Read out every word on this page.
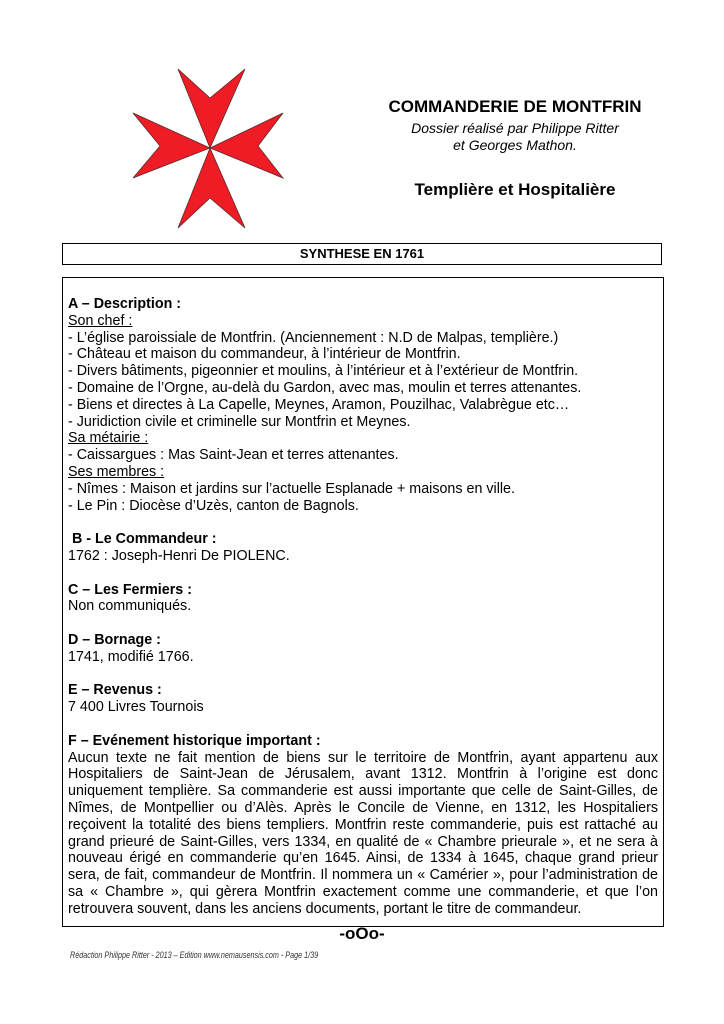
COMMANDERIE DE MONTFRIN
Dossier réalisé par Philippe Ritter
et Georges Mathon.
Templière et Hospitalière
SYNTHESE EN 1761
A – Description :
Son chef :
- L’église paroissiale de Montfrin. (Anciennement : N.D de Malpas, templière.)
- Château et maison du commandeur, à l’intérieur de Montfrin.
- Divers bâtiments, pigeonnier et moulins, à l’intérieur et à l’extérieur de Montfrin.
- Domaine de l’Orgne, au-delà du Gardon, avec mas, moulin et terres attenantes.
- Biens et directes à La Capelle, Meynes, Aramon, Pouzilhac, Valabrègue etc…
- Juridiction civile et criminelle sur Montfrin et Meynes.
Sa métairie :
- Caissargues : Mas Saint-Jean et terres attenantes.
Ses membres :
- Nîmes : Maison et jardins sur l’actuelle Esplanade + maisons en ville.
- Le Pin : Diocèse d’Uzès, canton de Bagnols.
B - Le Commandeur :
1762 : Joseph-Henri De PIOLENC.
C – Les Fermiers :
Non communiqués.
D – Bornage :
1741, modifié 1766.
E – Revenus :
7 400 Livres Tournois
F – Evénement historique important :
Aucun texte ne fait mention de biens sur le territoire de Montfrin, ayant appartenu aux Hospitaliers de Saint-Jean de Jérusalem, avant 1312. Montfrin à l’origine est donc uniquement templière. Sa commanderie est aussi importante que celle de Saint-Gilles, de Nîmes, de Montpellier ou d’Alès. Après le Concile de Vienne, en 1312, les Hospitaliers reçoivent la totalité des biens templiers. Montfrin reste commanderie, puis est rattaché au grand prieuré de Saint-Gilles, vers 1334, en qualité de « Chambre prieurale », et ne sera à nouveau érigé en commanderie qu’en 1645. Ainsi, de 1334 à 1645, chaque grand prieur sera, de fait, commandeur de Montfrin. Il nommera un « Camérier », pour l’administration de sa « Chambre », qui gèrera Montfrin exactement comme une commanderie, et que l’on retrouvera souvent, dans les anciens documents, portant le titre de commandeur.
-oOo-
Rédaction Philippe Ritter - 2013 – Edition www.nemausensis.com - Page 1/39
